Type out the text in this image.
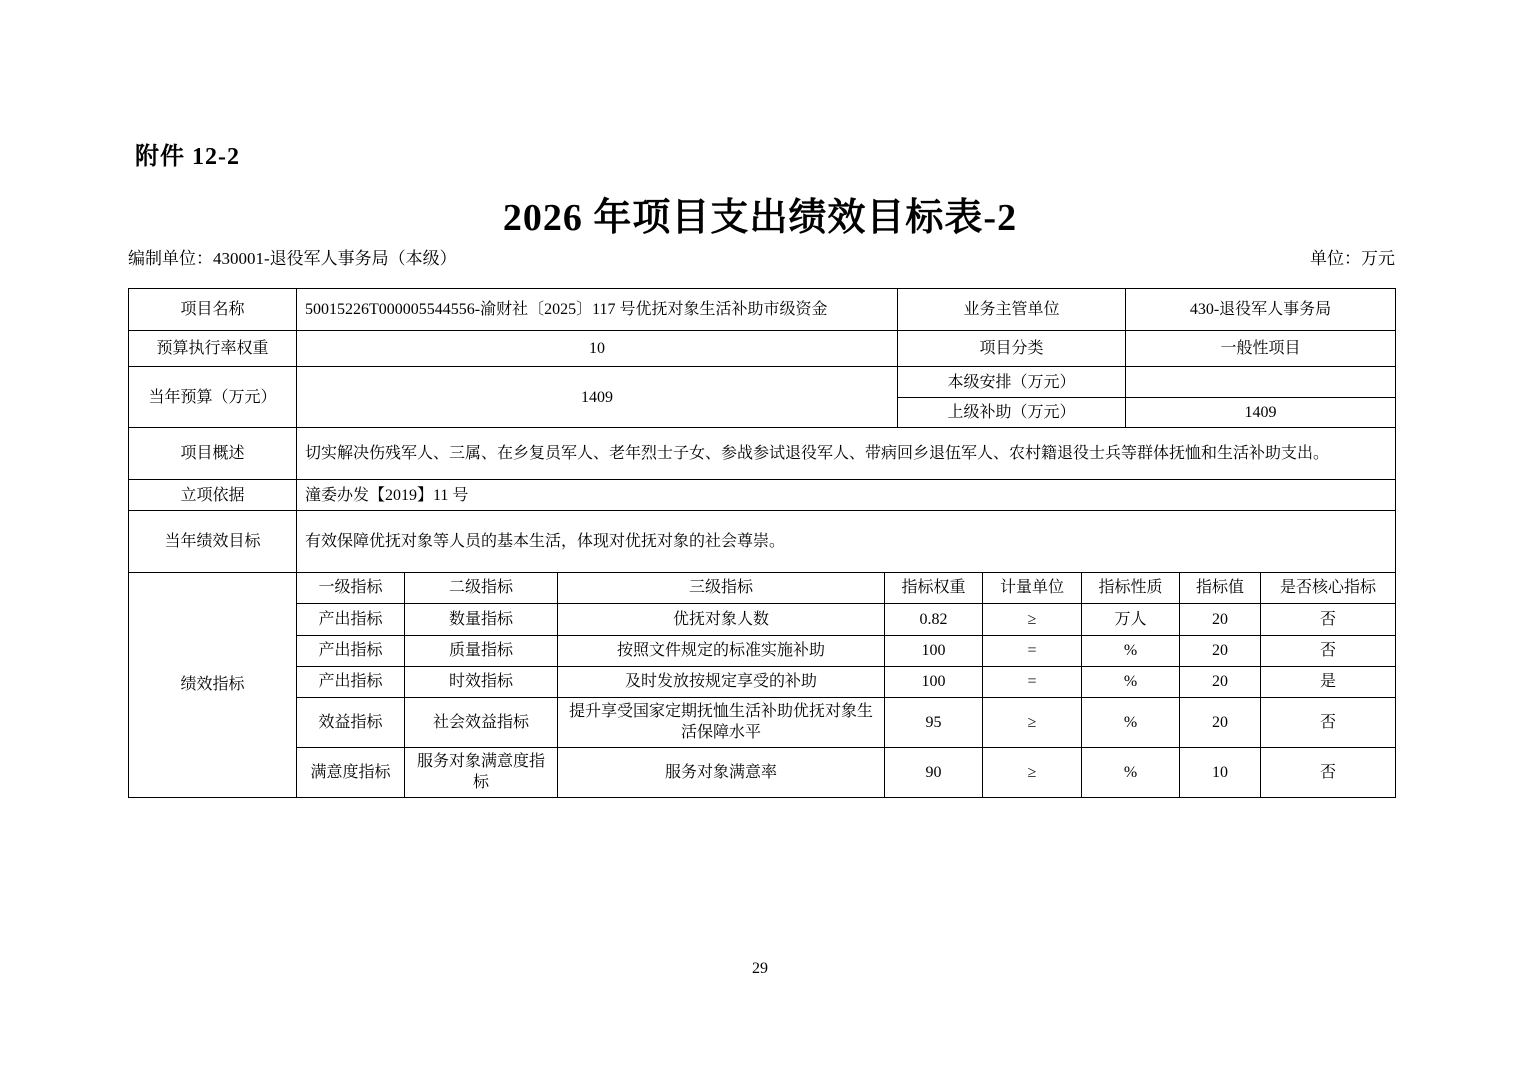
附件 12-2
2026 年项目支出绩效目标表-2
编制单位：430001-退役军人事务局（本级）	单位：万元
项目名称	50015226T000005544556-渝财社〔2025〕117 号优抚对象生活补助市级资金	业务主管单位	430-退役军人事务局
预算执行率权重	10	项目分类	一般性项目
当年预算（万元）	1409	本级安排（万元）	
		上级补助（万元）	1409
项目概述	切实解决伤残军人、三属、在乡复员军人、老年烈士子女、参战参试退役军人、带病回乡退伍军人、农村籍退役士兵等群体抚恤和生活补助支出。		
立项依据	潼委办发【2019】11 号		
当年绩效目标	有效保障优抚对象等人员的基本生活，体现对优抚对象的社会尊崇。		
绩效指标	一级指标	二级指标	三级指标	指标权重	计量单位	指标性质	指标值	是否核心指标
	产出指标	数量指标	优抚对象人数	0.82	≥	万人	20	否
	产出指标	质量指标	按照文件规定的标准实施补助	100	=	%	20	否
	产出指标	时效指标	及时发放按规定享受的补助	100	=	%	20	是
	效益指标	社会效益指标	提升享受国家定期抚恤生活补助优抚对象生活保障水平	95	≥	%	20	否
	满意度指标	服务对象满意度指标	服务对象满意率	90	≥	%	10	否
29
